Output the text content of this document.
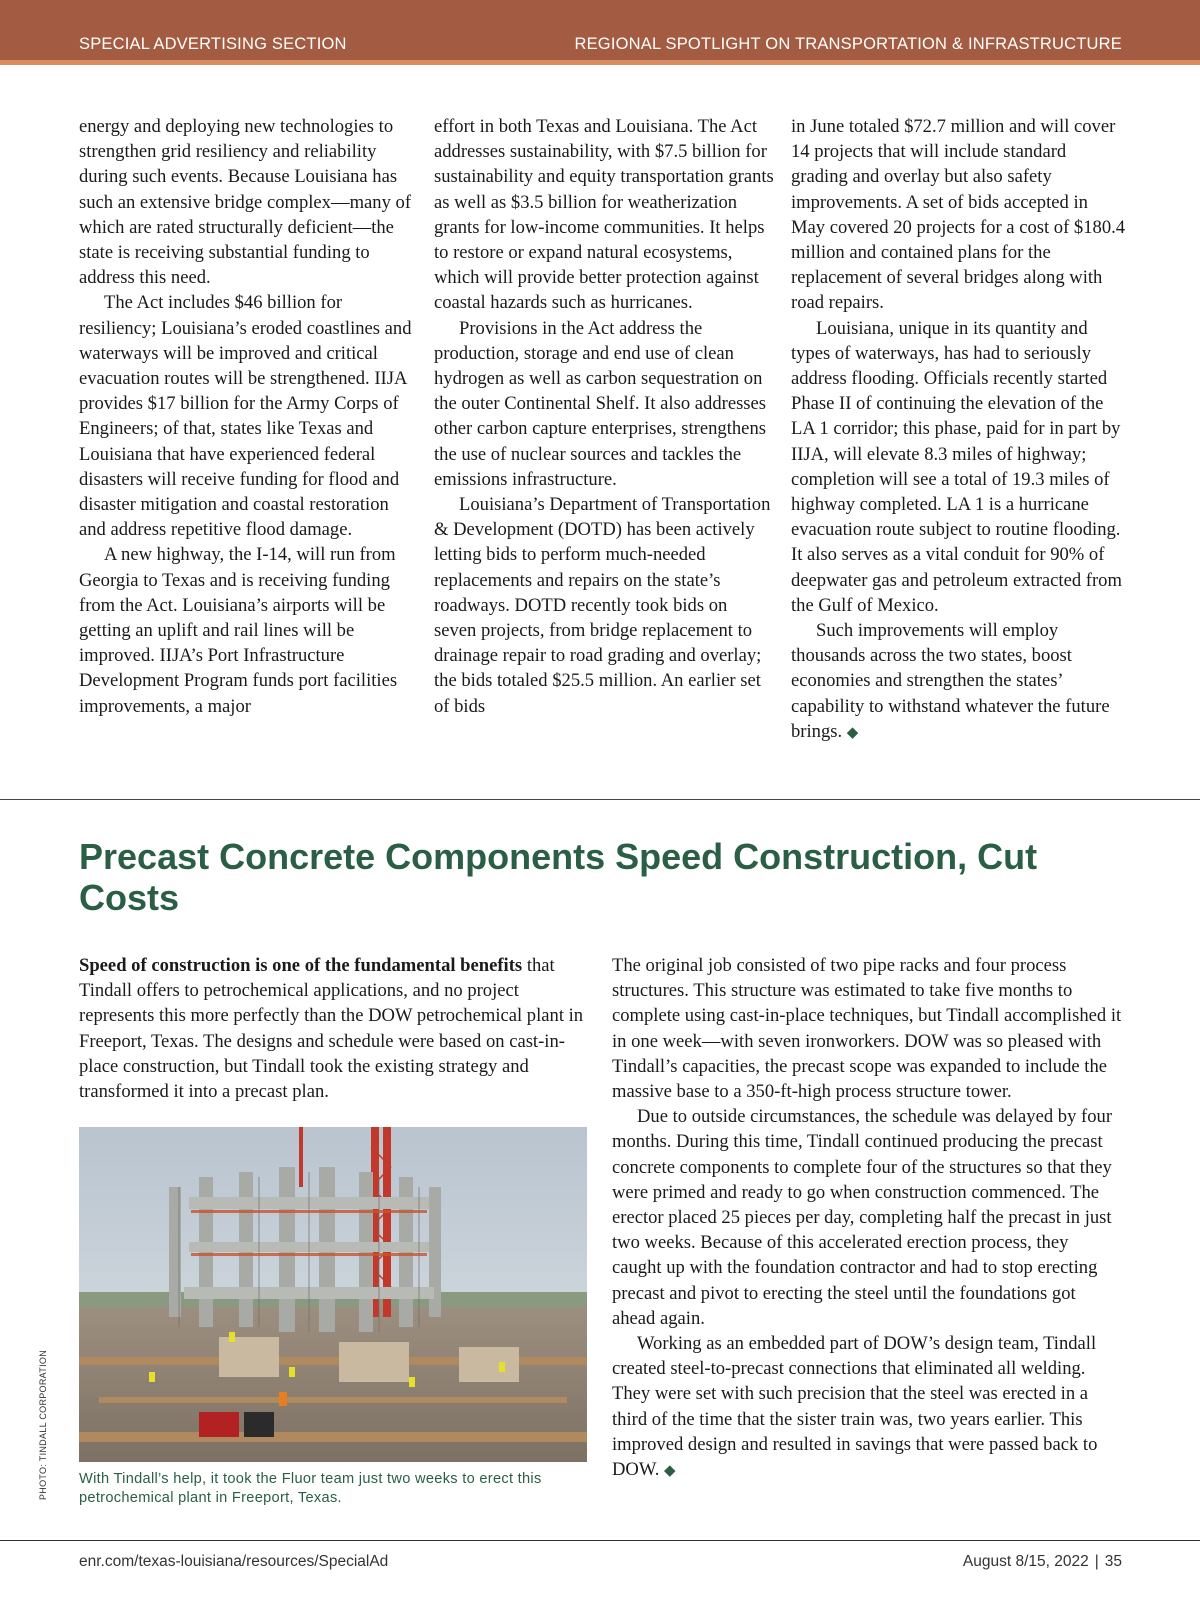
SPECIAL ADVERTISING SECTION	REGIONAL SPOTLIGHT ON TRANSPORTATION & INFRASTRUCTURE

energy and deploying new technologies to strengthen grid resiliency and reliability during such events. Because Louisiana has such an extensive bridge complex—many of which are rated structurally deficient—the state is receiving substantial funding to address this need.

The Act includes $46 billion for resiliency; Louisiana’s eroded coastlines and waterways will be improved and critical evacuation routes will be strengthened. IIJA provides $17 billion for the Army Corps of Engineers; of that, states like Texas and Louisiana that have experienced federal disasters will receive funding for flood and disaster mitigation and coastal restoration and address repetitive flood damage.

A new highway, the I-14, will run from Georgia to Texas and is receiving funding from the Act. Louisiana’s airports will be getting an uplift and rail lines will be improved. IIJA’s Port Infrastructure Development Program funds port facilities improvements, a major

effort in both Texas and Louisiana. The Act addresses sustainability, with $7.5 billion for sustainability and equity transportation grants as well as $3.5 billion for weatherization grants for low-income communities. It helps to restore or expand natural ecosystems, which will provide better protection against coastal hazards such as hurricanes.

Provisions in the Act address the production, storage and end use of clean hydrogen as well as carbon sequestration on the outer Continental Shelf. It also addresses other carbon capture enterprises, strengthens the use of nuclear sources and tackles the emissions infrastructure.

Louisiana’s Department of Transportation & Development (DOTD) has been actively letting bids to perform much-needed replacements and repairs on the state’s roadways. DOTD recently took bids on seven projects, from bridge replacement to drainage repair to road grading and overlay; the bids totaled $25.5 million. An earlier set of bids

in June totaled $72.7 million and will cover 14 projects that will include standard grading and overlay but also safety improvements. A set of bids accepted in May covered 20 projects for a cost of $180.4 million and contained plans for the replacement of several bridges along with road repairs.

Louisiana, unique in its quantity and types of waterways, has had to seriously address flooding. Officials recently started Phase II of continuing the elevation of the LA 1 corridor; this phase, paid for in part by IIJA, will elevate 8.3 miles of highway; completion will see a total of 19.3 miles of highway completed. LA 1 is a hurricane evacuation route subject to routine flooding. It also serves as a vital conduit for 90% of deepwater gas and petroleum extracted from the Gulf of Mexico.

Such improvements will employ thousands across the two states, boost economies and strengthen the states’ capability to withstand whatever the future brings. ◆

Precast Concrete Components Speed Construction, Cut Costs

Speed of construction is one of the fundamental benefits that Tindall offers to petrochemical applications, and no project represents this more perfectly than the DOW petrochemical plant in Freeport, Texas. The designs and schedule were based on cast-in-place construction, but Tindall took the existing strategy and transformed it into a precast plan.

With Tindall’s help, it took the Fluor team just two weeks to erect this petrochemical plant in Freeport, Texas.

PHOTO: TINDALL CORPORATION

The original job consisted of two pipe racks and four process structures. This structure was estimated to take five months to complete using cast-in-place techniques, but Tindall accomplished it in one week—with seven ironworkers. DOW was so pleased with Tindall’s capacities, the precast scope was expanded to include the massive base to a 350-ft-high process structure tower.

Due to outside circumstances, the schedule was delayed by four months. During this time, Tindall continued producing the precast concrete components to complete four of the structures so that they were primed and ready to go when construction commenced. The erector placed 25 pieces per day, completing half the precast in just two weeks. Because of this accelerated erection process, they caught up with the foundation contractor and had to stop erecting precast and pivot to erecting the steel until the foundations got ahead again.

Working as an embedded part of DOW’s design team, Tindall created steel-to-precast connections that eliminated all welding. They were set with such precision that the steel was erected in a third of the time that the sister train was, two years earlier. This improved design and resulted in savings that were passed back to DOW. ◆

enr.com/texas-louisiana/resources/SpecialAd	August 8/15, 2022 | 35
